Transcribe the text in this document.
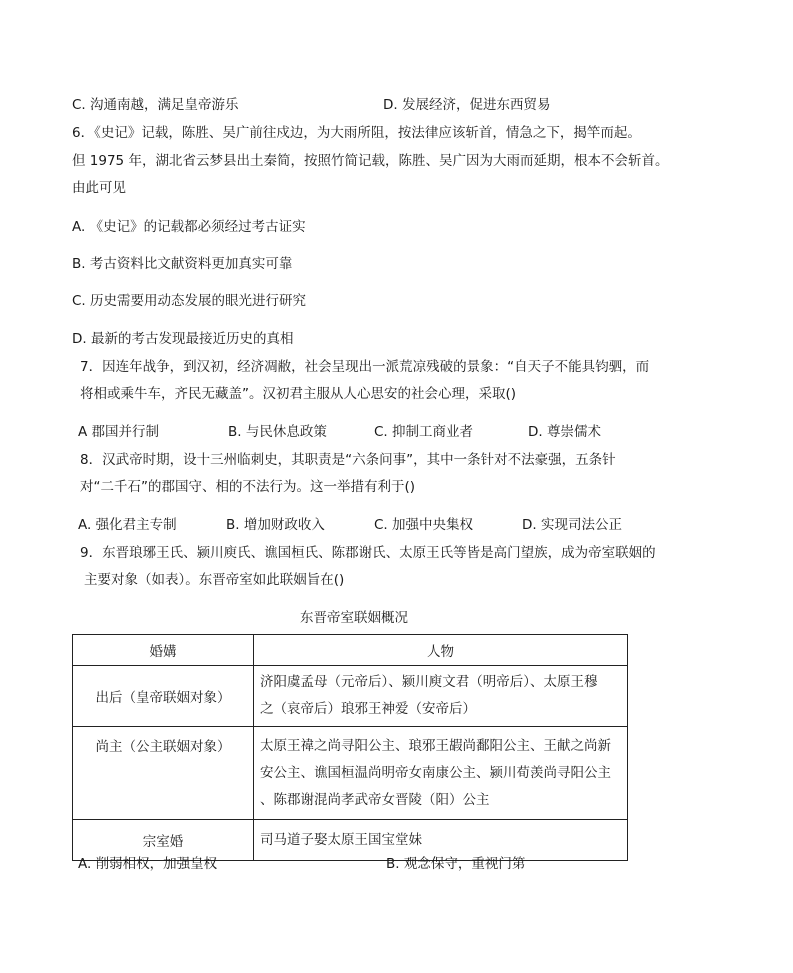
C. 沟通南越，满足皇帝游乐	D. 发展经济，促进东西贸易
6．《史记》记载，陈胜、吴广前往戍边，为大雨所阻，按法律应该斩首，情急之下，揭竿而起。
但 1975 年，湖北省云梦县出土秦简，按照竹简记载，陈胜、吴广因为大雨而延期，根本不会斩首。
由此可见
A. 《史记》的记载都必须经过考古证实
B. 考古资料比文献资料更加真实可靠
C. 历史需要用动态发展的眼光进行研究
D. 最新的考古发现最接近历史的真相
7．因连年战争，到汉初，经济凋敝，社会呈现出一派荒凉残破的景象：“自天子不能具钧驷，而
将相或乘牛车，齐民无藏盖”。汉初君主服从人心思安的社会心理，采取()
A 郡国并行制	B. 与民休息政策	C. 抑制工商业者	D. 尊崇儒术
8．汉武帝时期，设十三州临刺史，其职责是“六条问事”，其中一条针对不法豪强，五条针
对“二千石”的郡国守、相的不法行为。这一举措有利于()
A. 强化君主专制	B. 增加财政收入	C. 加强中央集权	D. 实现司法公正
9．东晋琅琊王氏、颍川庾氏、谯国桓氏、陈郡谢氏、太原王氏等皆是高门望族，成为帝室联姻的
主要对象（如表）。东晋帝室如此联姻旨在()
东晋帝室联姻概况
婚媾	人物
出后（皇帝联姻对象）	济阳虞孟母（元帝后）、颍川庾文君（明帝后）、太原王穆
之（哀帝后）琅邪王神爱（安帝后）

尚主（公主联姻对象）	太原王禕之尚寻阳公主、琅邪王嘏尚鄱阳公主、王献之尚新
安公主、谯国桓温尚明帝女南康公主、颍川荀羡尚寻阳公主
、陈郡谢混尚孝武帝女晋陵（阳）公主

宗室婚	司马道子娶太原王国宝堂妹
A. 削弱相权，加强皇权	B. 观念保守，重视门第
